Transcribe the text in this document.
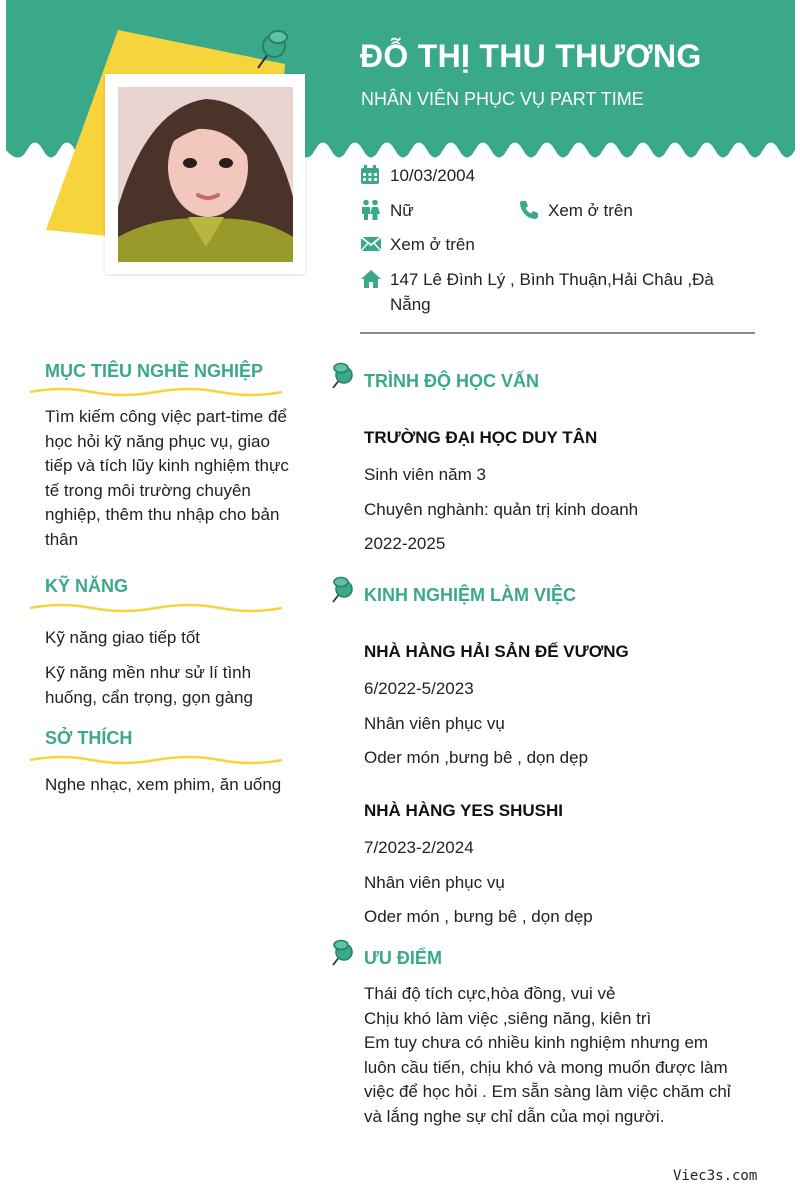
ĐỖ THỊ THU THƯƠNG
NHÂN VIÊN PHỤC VỤ PART TIME
10/03/2004
Nữ	Xem ở trên
Xem ở trên
147 Lê Đình Lý , Bình Thuận,Hải Châu ,Đà
Nẵng
MỤC TIÊU NGHỀ NGHIỆP
Tìm kiếm công việc part-time để
học hỏi kỹ năng phục vụ, giao
tiếp và tích lũy kinh nghiệm thực
tế trong môi trường chuyên
nghiệp, thêm thu nhập cho bản
thân
KỸ NĂNG
Kỹ năng giao tiếp tốt
Kỹ năng mền như sử lí tình
huống, cẩn trọng, gọn gàng
SỞ THÍCH
Nghe nhạc, xem phim, ăn uống
TRÌNH ĐỘ HỌC VẤN
TRƯỜNG ĐẠI HỌC DUY TÂN
Sinh viên năm 3
Chuyên nghành: quản trị kinh doanh
2022-2025
KINH NGHIỆM LÀM VIỆC
NHÀ HÀNG HẢI SẢN ĐẾ VƯƠNG
6/2022-5/2023
Nhân viên phục vụ
Oder món ,bưng bê , dọn dẹp
NHÀ HÀNG YES SHUSHI
7/2023-2/2024
Nhân viên phục vụ
Oder món , bưng bê , dọn dẹp
ƯU ĐIỂM
Thái độ tích cực,hòa đồng, vui vẻ
Chịu khó làm việc ,siêng năng, kiên trì
Em tuy chưa có nhiều kinh nghiệm nhưng em
luôn cầu tiến, chịu khó và mong muốn được làm
việc để học hỏi . Em sẵn sàng làm việc chăm chỉ
và lắng nghe sự chỉ dẫn của mọi người.
Viec3s.com
